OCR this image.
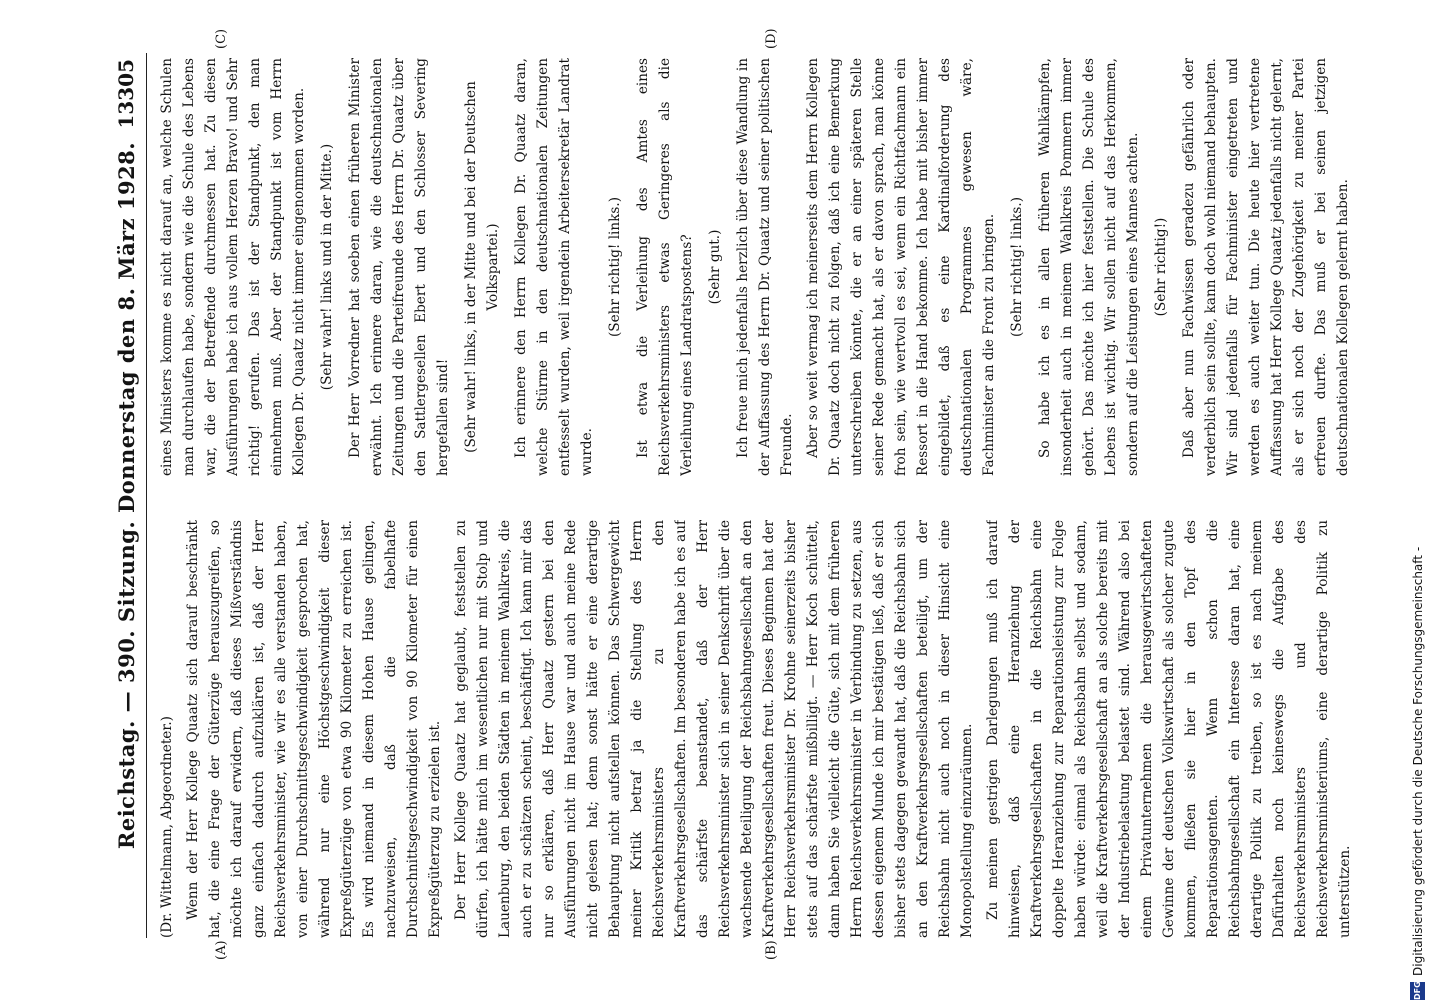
Reichstag. — 390. Sitzung. Donnerstag den 8. März 1928.
13305
(A)	(B)
(C)	(D)

(Dr. Wittelmann, Abgeordneter.) Wenn der Herr Kollege Quaatz sich darauf beschränkt hat, die eine Frage der Güterzüge herauszugreifen, so möchte ich darauf erwidern, daß dieses Mißverständnis ganz einfach dadurch aufzuklären ist, daß der Herr Reichsverkehrsminister, wie wir es alle verstanden haben, von einer Durchschnittsgeschwindigkeit gesprochen hat, während nur eine Höchstgeschwindigkeit dieser Expreßgüterzüge von etwa 90 Kilometer zu erreichen ist. Es wird niemand in diesem Hohen Hause gelingen, nachzuweisen, daß die fabelhafte Durchschnittsgeschwindigkeit von 90 Kilometer für einen Expreßgüterzug zu erzielen ist. Der Herr Kollege Quaatz hat geglaubt, feststellen zu dürfen, ich hätte mich im wesentlichen nur mit Stolp und Lauenburg, den beiden Städten in meinem Wahlkreis, die auch er zu schätzen scheint, beschäftigt. Ich kann mir das nur so erklären, daß Herr Quaatz gestern bei den Ausführungen nicht im Hause war und auch meine Rede nicht gelesen hat; denn sonst hätte er eine derartige Behauptung nicht aufstellen können. Das Schwergewicht meiner Kritik betraf ja die Stellung des Herrn Reichsverkehrsministers zu den Kraftverkehrsgesellschaften. Im besonderen habe ich es auf das schärfste beanstandet, daß der Herr Reichsverkehrsminister sich in seiner Denkschrift über die wachsende Beteiligung der Reichsbahngesellschaft an den Kraftverkehrsgesellschaften freut. Dieses Beginnen hat der Herr Reichsverkehrsminister Dr. Krohne seinerzeits bisher stets auf das schärfste mißbilligt. — Herr Koch schüttelt, dann haben Sie vielleicht die Güte, sich mit dem früheren Herrn Reichsverkehrsminister in Verbindung zu setzen, aus dessen eigenem Munde ich mir bestätigen ließ, daß er sich bisher stets dagegen gewandt hat, daß die Reichsbahn sich an den Kraftverkehrsgesellschaften beteiligt, um der Reichsbahn nicht auch noch in dieser Hinsicht eine Monopolstellung einzuräumen. Zu meinen gestrigen Darlegungen muß ich darauf hinweisen, daß eine Heranziehung der Kraftverkehrsgesellschaften in die Reichsbahn eine doppelte Heranziehung zur Reparationsleistung zur Folge haben würde: einmal als Reichsbahn selbst und sodann, weil die Kraftverkehrsgesellschaft an als solche bereits mit der Industriebelastung belastet sind. Während also bei einem Privatunternehmen die herausgewirtschafteten Gewinne der deutschen Volkswirtschaft als solcher zugute kommen, fließen sie hier in den Topf des Reparationsagenten. Wenn schon die Reichsbahngesellschaft ein Interesse daran hat, eine derartige Politik zu treiben, so ist es nach meinem Dafürhalten noch keineswegs die Aufgabe des Reichsverkehrsministers und des Reichsverkehrsministeriums, eine derartige Politik zu unterstützen.

eines Ministers komme es nicht darauf an, welche Schulen man durchlaufen habe, sondern wie die Schule des Lebens war, die der Betreffende durchmessen hat. Zu diesen Ausführungen habe ich aus vollem Herzen Bravo! und Sehr richtig! gerufen. Das ist der Standpunkt, den man einnehmen muß. Aber der Standpunkt ist vom Herrn Kollegen Dr. Quaatz nicht immer eingenommen worden. (Sehr wahr! links und in der Mitte.) Der Herr Vorredner hat soeben einen früheren Minister erwähnt. Ich erinnere daran, wie die deutschnationalen Zeitungen und die Parteifreunde des Herrn Dr. Quaatz über den Sattlergesellen Ebert und den Schlosser Severing hergefallen sind! (Sehr wahr! links, in der Mitte und bei der Deutschen Volkspartei.) Ich erinnere den Herrn Kollegen Dr. Quaatz daran, welche Stürme in den deutschnationalen Zeitungen entfesselt wurden, weil irgendein Arbeitersekretär Landrat wurde.

(Sehr richtig! links.) Ist etwa die Verleihung des Amtes eines Reichsverkehrsministers etwas Geringeres als die Verleihung eines Landratspostens? (Sehr gut.) Ich freue mich jedenfalls herzlich über diese Wandlung in der Auffassung des Herrn Dr. Quaatz und seiner politischen Freunde. Aber so weit vermag ich meinerseits dem Herrn Kollegen Dr. Quaatz doch nicht zu folgen, daß ich eine Bemerkung unterschreiben könnte, die er an einer späteren Stelle seiner Rede gemacht hat, als er davon sprach, man könne froh sein, wie wertvoll es sei, wenn ein Richtfachmann ein Ressort in die Hand bekomme. Ich habe mit bisher immer eingebildet, daß es eine Kardinalforderung des deutschnationalen Programmes gewesen wäre, Fachminister an die Front zu bringen. (Sehr richtig! links.) So habe ich es in allen früheren Wahlkämpfen, insonderheit auch in meinem Wahlkreis Pommern immer gehört. Das möchte ich hier feststellen. Die Schule des Lebens ist wichtig. Wir sollen nicht auf das Herkommen, sondern auf die Leistungen eines Mannes achten. (Sehr richtig!) Daß aber nun Fachwissen geradezu gefährlich oder verderblich sein sollte, kann doch wohl niemand behaupten. Wir sind jedenfalls für Fachminister eingetreten und werden es auch weiter tun. Die heute hier vertretene Auffassung hat Herr Kollege Quaatz jedenfalls nicht gelernt, als er sich noch der Zugehörigkeit zu meiner Partei erfreuen durfte. Das muß er bei seinen jetzigen deutschnationalen Kollegen gelernt haben.

DFG
Digitalisierung gefördert durch die Deutsche Forschungsgemeinschaft -
